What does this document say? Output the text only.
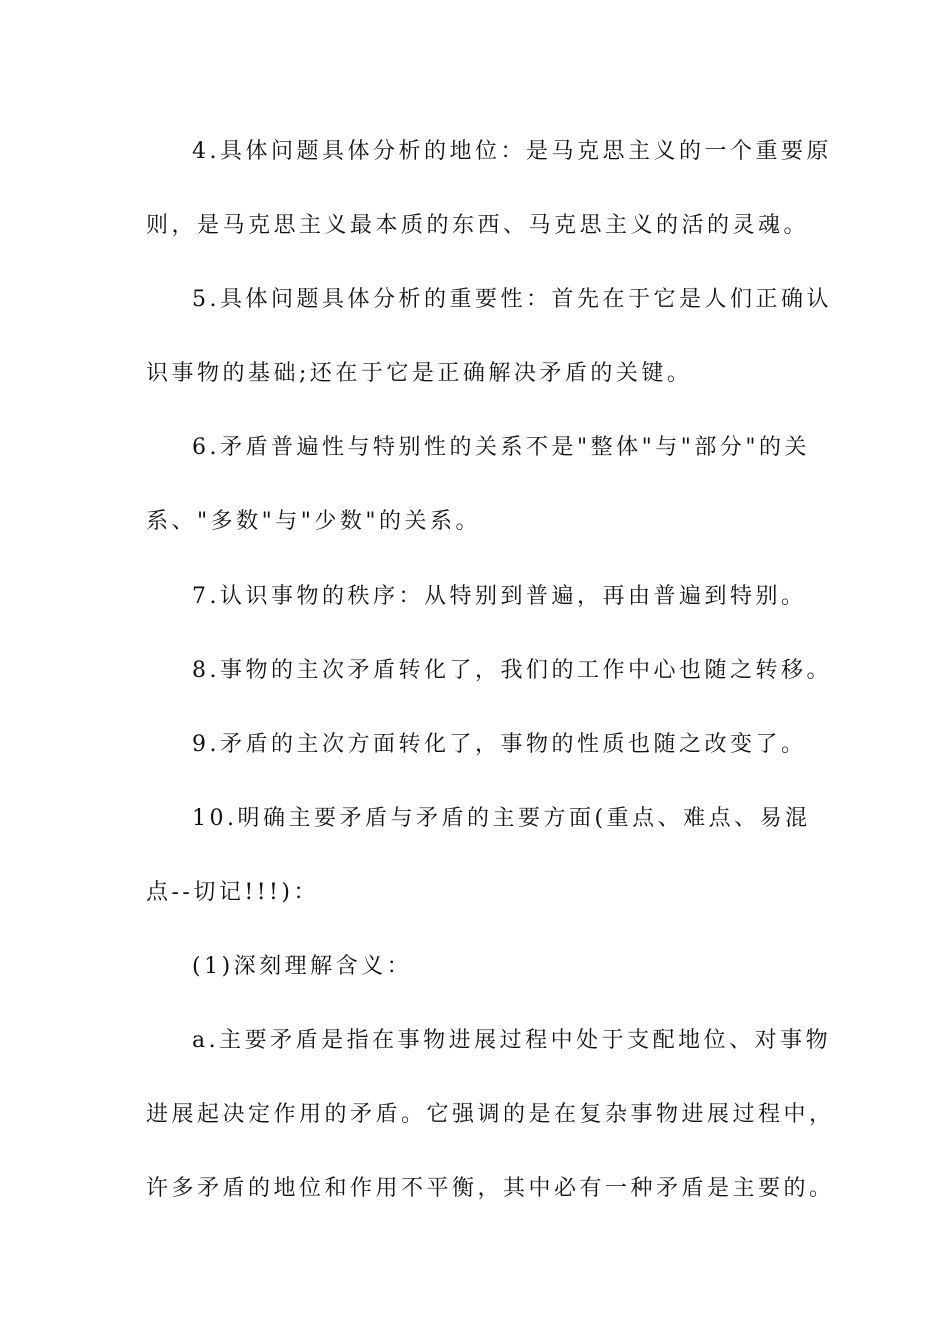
4.具体问题具体分析的地位：是马克思主义的一个重要原
则，是马克思主义最本质的东西、马克思主义的活的灵魂。
5.具体问题具体分析的重要性：首先在于它是人们正确认
识事物的基础;还在于它是正确解决矛盾的关键。
6.矛盾普遍性与特别性的关系不是"整体"与"部分"的关
系、"多数"与"少数"的关系。
7.认识事物的秩序：从特别到普遍，再由普遍到特别。
8.事物的主次矛盾转化了，我们的工作中心也随之转移。
9.矛盾的主次方面转化了，事物的性质也随之改变了。
10.明确主要矛盾与矛盾的主要方面(重点、难点、易混
点--切记!!!)：
(1)深刻理解含义：
a.主要矛盾是指在事物进展过程中处于支配地位、对事物
进展起决定作用的矛盾。它强调的是在复杂事物进展过程中，
许多矛盾的地位和作用不平衡，其中必有一种矛盾是主要的。
